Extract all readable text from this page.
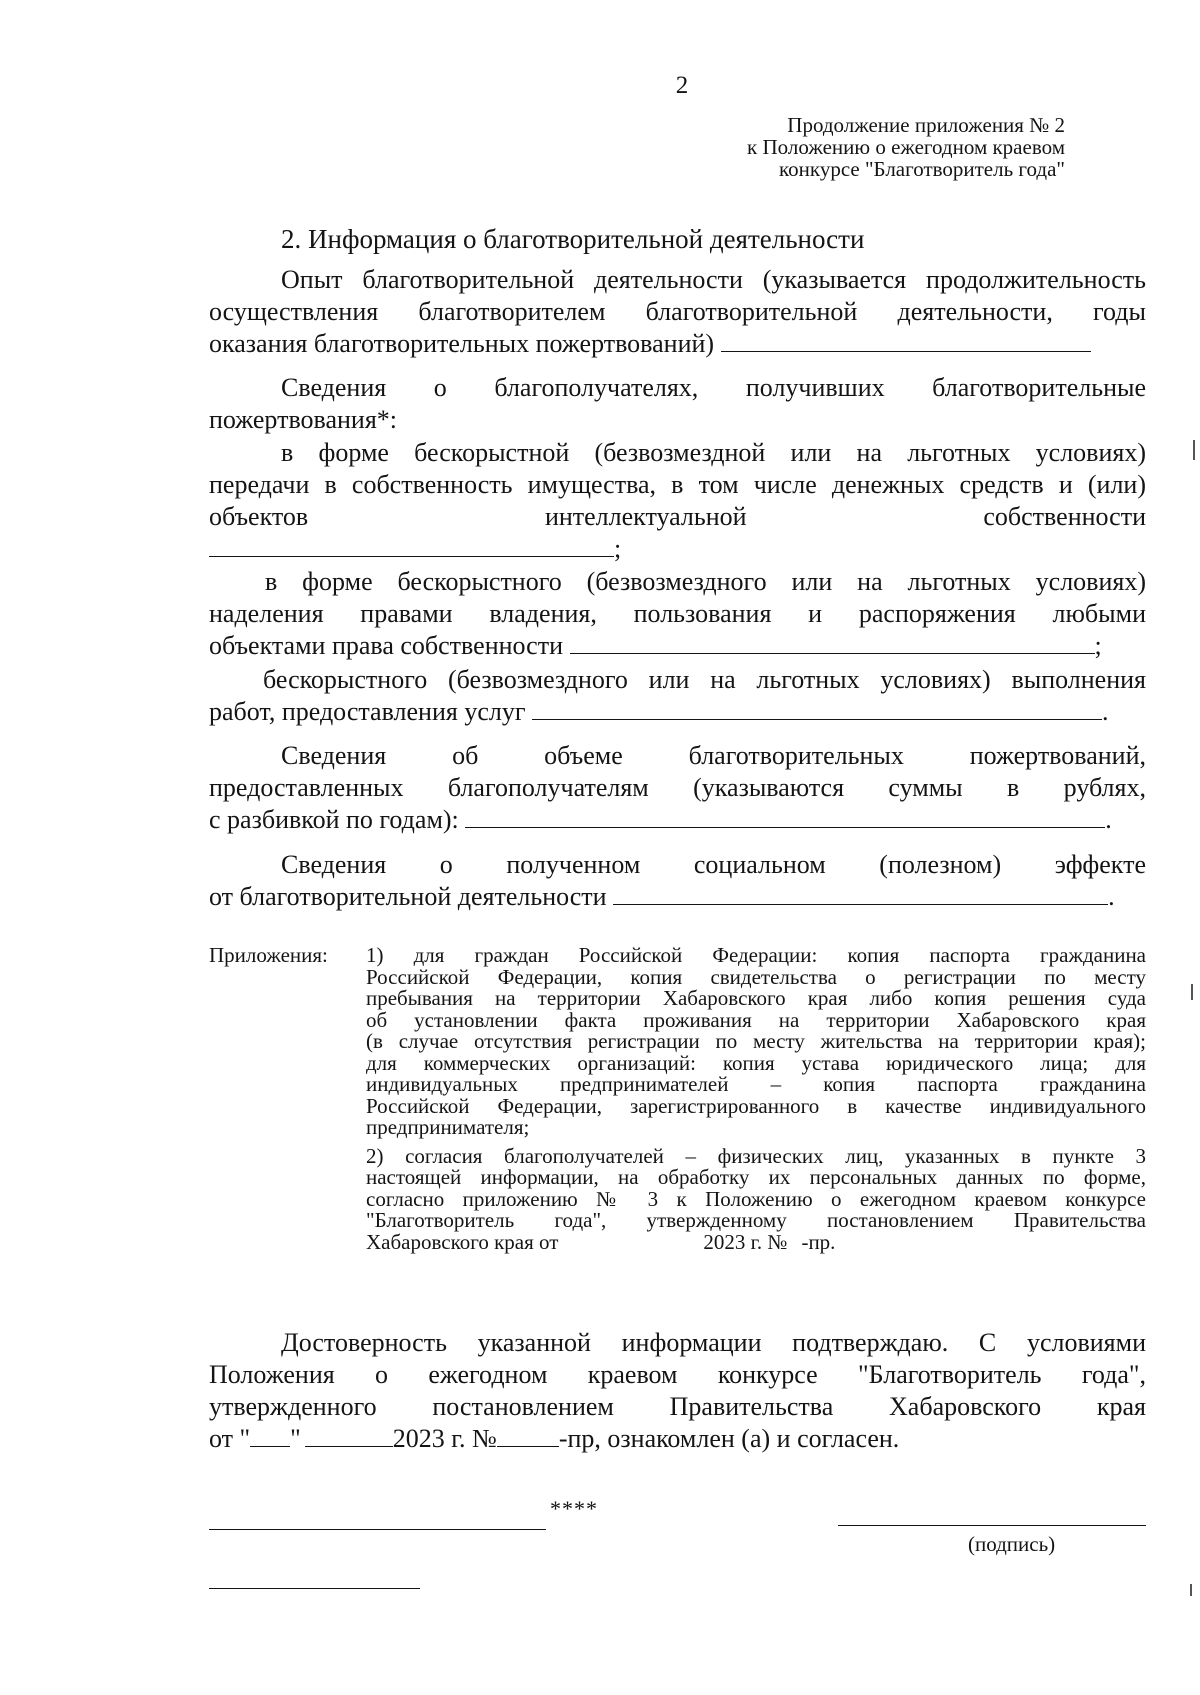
2
Продолжение приложения № 2
к Положению о ежегодном краевом
конкурсе "Благотворитель года"
2. Информация о благотворительной деятельности
Опыт благотворительной деятельности (указывается продолжительность
осуществления благотворителем благотворительной деятельности, годы
оказания благотворительных пожертвований)
Сведения о благополучателях, получивших благотворительные
пожертвования*:
в форме бескорыстной (безвозмездной или на льготных условиях)
передачи в собственность имущества, в том числе денежных средств и (или)
объектов интеллектуальной собственности
;
в форме бескорыстного (безвозмездного или на льготных условиях)
наделения правами владения, пользования и распоряжения любыми
объектами права собственности	;
бескорыстного (безвозмездного или на льготных условиях) выполнения
работ, предоставления услуг	.
Сведения об объеме благотворительных пожертвований,
предоставленных благополучателям (указываются суммы в рублях,
с разбивкой по годам):	.
Сведения о полученном социальном (полезном) эффекте
от благотворительной деятельности	.
Приложения: 1) для граждан Российской Федерации: копия паспорта гражданина
Российской Федерации, копия свидетельства о регистрации по месту
пребывания на территории Хабаровского края либо копия решения суда
об установлении факта проживания на территории Хабаровского края
(в случае отсутствия регистрации по месту жительства на территории края);
для коммерческих организаций: копия устава юридического лица; для
индивидуальных предпринимателей – копия паспорта гражданина
Российской Федерации, зарегистрированного в качестве индивидуального
предпринимателя;
2) согласия благополучателей – физических лиц, указанных в пункте 3
настоящей информации, на обработку их персональных данных по форме,
согласно приложению № 3 к Положению о ежегодном краевом конкурсе
"Благотворитель года", утвержденному постановлением Правительства
Хабаровского края от	2023 г. № -пр.
Достоверность указанной информации подтверждаю. С условиями
Положения о ежегодном краевом конкурсе "Благотворитель года",
утвержденного постановлением Правительства Хабаровского края
от " "	2023 г. № -пр, ознакомлен (а) и согласен.
****
(подпись)
